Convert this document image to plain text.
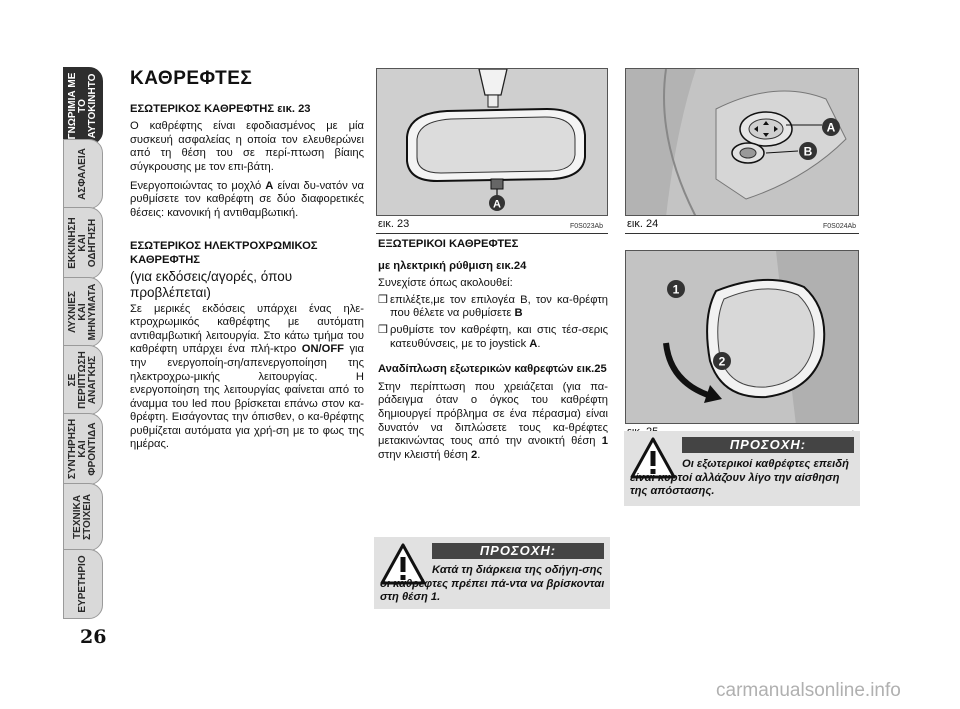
ΓΝΩΡΙΜΙΑ ΜΕ
ΤΟ
ΑΥΤΟΚΙΝΗΤΟ
ΑΣΦΑΛΕΙΑ
ΕΚΚΙΝΗΣΗ
ΚΑΙ
ΟΔΗΓΗΣΗ
ΛΥΧΝΙΕΣ
ΚΑΙ
ΜΗΝΥΜΑΤΑ
ΣΕ
ΠΕΡΙΠΤΩΣΗ
ΑΝΑΓΚΗΣ
ΣΥΝΤΗΡΗΣΗ
ΚΑΙ
ΦΡΟΝΤΙΔΑ
ΤΕΧΝΙΚΑ
ΣΤΟΙΧΕΙΑ
ΕΥΡΕΤΗΡΙΟ
26
ΚΑΘΡΕΦΤΕΣ
ΕΣΩΤΕΡΙΚΟΣ ΚΑΘΡΕΦΤΗΣ εικ. 23

Ο καθρέφτης είναι εφοδιασμένος με μία συσκευή ασφαλείας η οποία τον ελευθερώνει από τη θέση του σε περί-πτωση βίαιης σύγκρουσης με τον επι-βάτη.

Ενεργοποιώντας το μοχλό A είναι δυ-νατόν να ρυθμίσετε τον καθρέφτη σε δύο διαφορετικές θέσεις: κανονική ή αντιθαμβωτική.

ΕΣΩΤΕΡΙΚΟΣ ΗΛΕΚΤΡΟΧΡΩΜΙΚΟΣ ΚΑΘΡΕΦΤΗΣ
(για εκδόσεις/αγορές, όπου προβλέπεται)

Σε μερικές εκδόσεις υπάρχει ένας ηλε-κτροχρωμικός καθρέφτης με αυτόματη αντιθαμβωτική λειτουργία. Στο κάτω τμήμα του καθρέφτη υπάρχει ένα πλή-κτρο ON/OFF για την ενεργοποίη-ση/απενεργοποίηση της ηλεκτροχρω-μικής λειτουργίας. Η ενεργοποίηση της λειτουργίας φαίνεται από το άναμμα του led που βρίσκεται επάνω στον κα-θρέφτη. Εισάγοντας την όπισθεν, ο κα-θρέφτης ρυθμίζεται αυτόματα για χρή-ση με το φως της ημέρας.

A
εικ. 23	F0S023Ab
ΕΞΩΤΕΡΙΚΟΙ ΚΑΘΡΕΦΤΕΣ
με ηλεκτρική ρύθμιση εικ.24

Συνεχίστε όπως ακολουθεί:

❒ επιλέξτε,με τον επιλογέα B, τον κα-θρέφτη που θέλετε να ρυθμίσετε B
❒ ρυθμίστε τον καθρέφτη, και στις τέσ-σερις κατευθύνσεις, με το joystick A.
Αναδίπλωση εξωτερικών καθρεφτών εικ.25

Στην περίπτωση που χρειάζεται (για πα-ράδειγμα όταν ο όγκος του καθρέφτη δημιουργεί πρόβλημα σε ένα πέρασμα) είναι δυνατόν να διπλώσετε τους κα-θρέφτες μετακινώντας τους από την ανοικτή θέση 1 στην κλειστή θέση 2.

ΠΡΟΣΟΧΗ:
Κατά τη διάρκεια της οδήγη-σης οι καθρέφτες πρέπει πά-ντα να βρίσκονται στη θέση 1.
A
B
εικ. 24	F0S024Ab
1
2
ΠΡΟΣΟΧΗ:
Οι εξωτερικοί καθρέφτες επειδή είναι κυρτοί αλλάζουν λίγο την αίσθηση της απόστασης.
carmanualsonline.info
